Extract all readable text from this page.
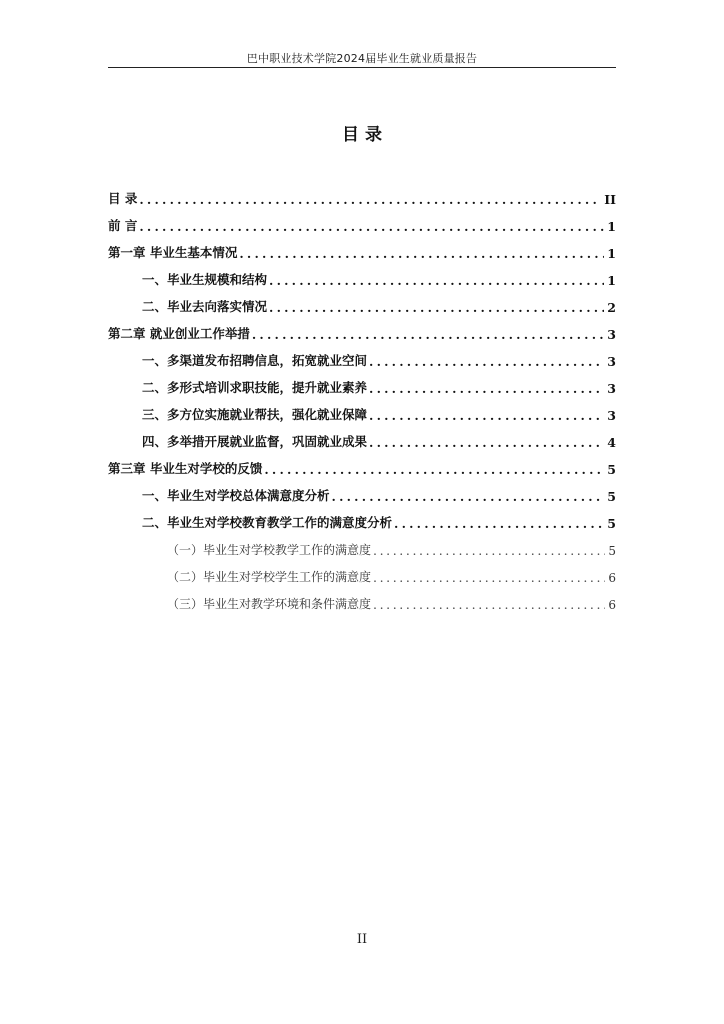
巴中职业技术学院2024届毕业生就业质量报告
目 录
目 录 .....	II
前 言 .....	1
第一章 毕业生基本情况 .....	1
一、毕业生规模和结构 .....	1
二、毕业去向落实情况 .....	2
第二章 就业创业工作举措 .....	3
一、多渠道发布招聘信息，拓宽就业空间 .....	3
二、多形式培训求职技能，提升就业素养 .....	3
三、多方位实施就业帮扶，强化就业保障 .....	3
四、多举措开展就业监督，巩固就业成果 .....	4
第三章 毕业生对学校的反馈 .....	5
一、毕业生对学校总体满意度分析 .....	5
二、毕业生对学校教育教学工作的满意度分析 .....	5
（一）毕业生对学校教学工作的满意度 .....	5
（二）毕业生对学校学生工作的满意度 .....	6
（三）毕业生对教学环境和条件满意度 .....	6
II
